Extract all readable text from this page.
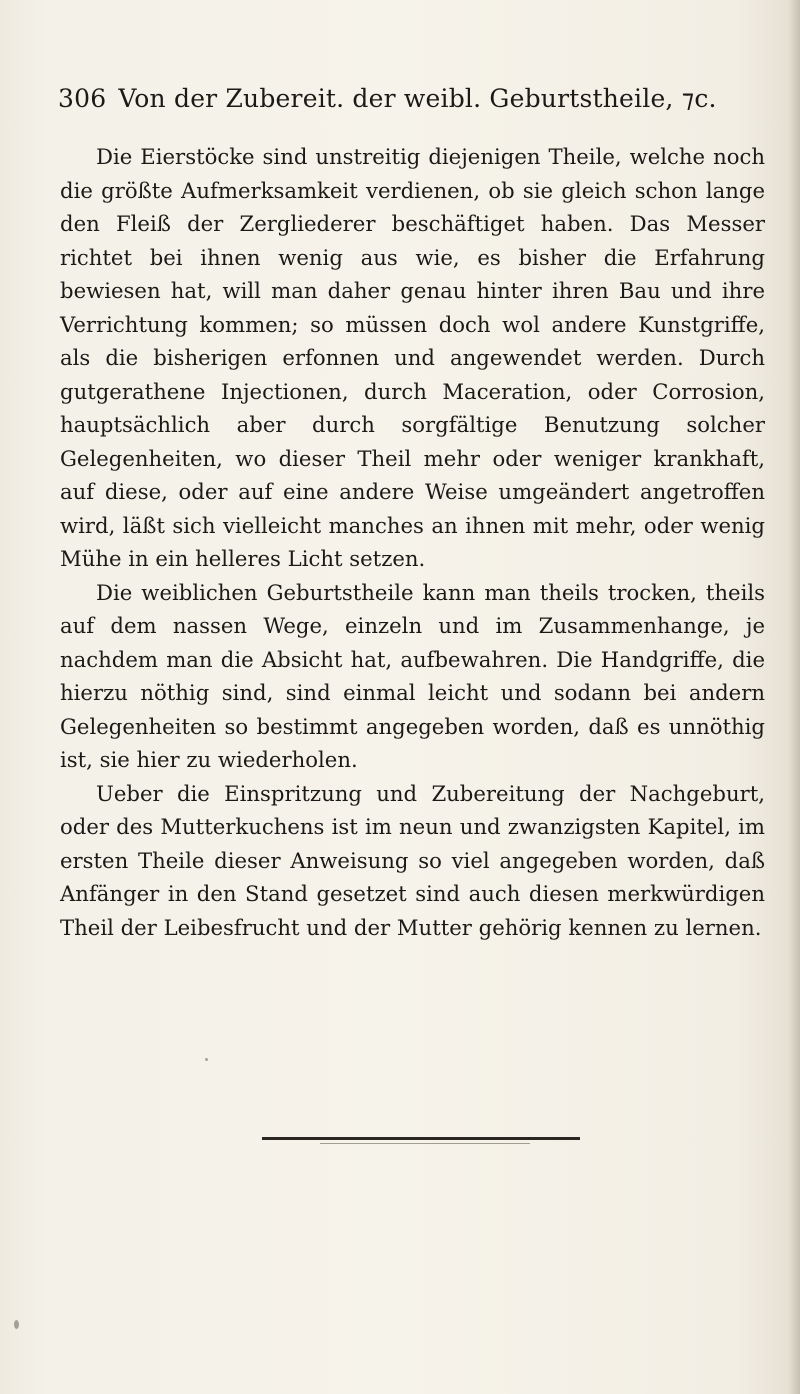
306 Von der Zubereit. der weibl. Geburtstheile, ⁊c.

Die Eierstöcke sind unstreitig diejenigen Theile, welche noch die größte Aufmerksamkeit verdienen, ob sie gleich schon lange den Fleiß der Zergliederer beschäftiget haben. Das Messer richtet bei ihnen wenig aus wie, es bisher die Erfahrung bewiesen hat, will man daher genau hinter ihren Bau und ihre Verrichtung kommen; so müssen doch wol andere Kunstgriffe, als die bisherigen erfonnen und angewendet werden. Durch gutgerathene Injectionen, durch Maceration, oder Corrosion, hauptsächlich aber durch sorgfältige Benutzung solcher Gelegenheiten, wo dieser Theil mehr oder weniger krankhaft, auf diese, oder auf eine andere Weise umgeändert angetroffen wird, läßt sich vielleicht manches an ihnen mit mehr, oder wenig Mühe in ein helleres Licht setzen.

Die weiblichen Geburtstheile kann man theils trocken, theils auf dem nassen Wege, einzeln und im Zusammenhange, je nachdem man die Absicht hat, aufbewahren. Die Handgriffe, die hierzu nöthig sind, sind einmal leicht und sodann bei andern Gelegenheiten so bestimmt angegeben worden, daß es unnöthig ist, sie hier zu wiederholen.

Ueber die Einspritzung und Zubereitung der Nachgeburt, oder des Mutterkuchens ist im neun und zwanzigsten Kapitel, im ersten Theile dieser Anweisung so viel angegeben worden, daß Anfänger in den Stand gesetzet sind auch diesen merkwürdigen Theil der Leibesfrucht und der Mutter gehörig kennen zu lernen.
